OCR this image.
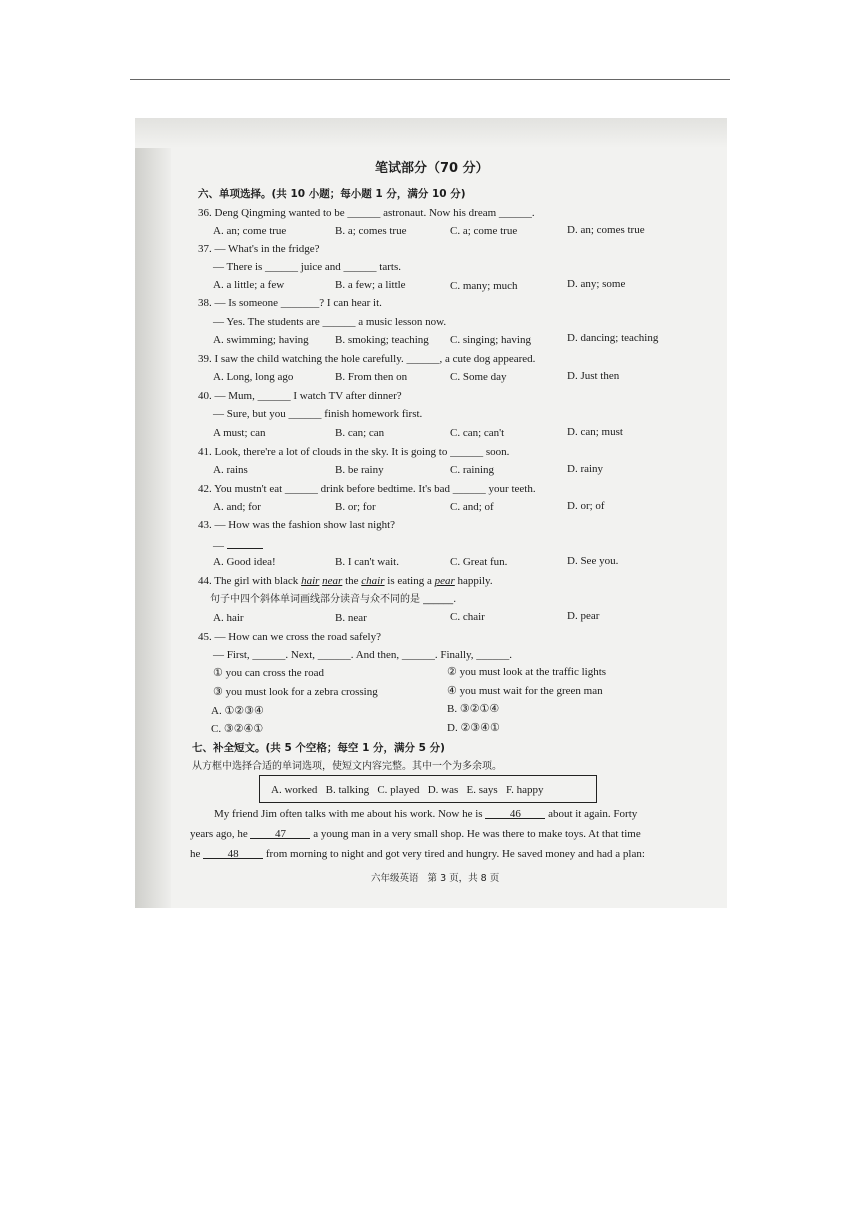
笔试部分（70 分）
六、单项选择。(共 10 小题；每小题 1 分，满分 10 分)
36. Deng Qingming wanted to be ______ astronaut. Now his dream ______.
A. an; come true	B. a; comes true	C. a; come true	D. an; comes true
37. — What's in the fridge?
— There is ______ juice and ______ tarts.
A. a little; a few	B. a few; a little	C. many; much	D. any; some
38. — Is someone _______? I can hear it.
— Yes. The students are ______ a music lesson now.
A. swimming; having B. smoking; teaching C. singing; having	D. dancing; teaching
39. I saw the child watching the hole carefully. ______, a cute dog appeared.
A. Long, long ago	B. From then on	C. Some day	D. Just then
40. — Mum, ______ I watch TV after dinner?
— Sure, but you ______ finish homework first.
A must; can	B. can; can	C. can; can't	D. can; must
41. Look, there're a lot of clouds in the sky. It is going to ______ soon.
A. rains	B. be rainy	C. raining	D. rainy
42. You mustn't eat ______ drink before bedtime. It's bad ______ your teeth.
A. and; for	B. or; for	C. and; of	D. or; of
43. — How was the fashion show last night?
—
A. Good idea!	B. I can't wait.	C. Great fun.	D. See you.
44. The girl with black hair near the chair is eating a pear happily.
句子中四个斜体单词画线部分读音与众不同的是 ______.
A. hair	B. near	C. chair	D. pear
45. — How can we cross the road safely?
— First, ______. Next, ______. And then, ______. Finally, ______.
① you can cross the road	② you must look at the traffic lights
③ you must look for a zebra crossing	④ you must wait for the green man
A. ①②③④	B. ③②①④
C. ③②④①	D. ②③④①
七、补全短文。(共 5 个空格；每空 1 分，满分 5 分)
从方框中选择合适的单词选项，使短文内容完整。其中一个为多余项。
A. worked   B. talking   C. played   D. was   E. says   F. happy
My friend Jim often talks with me about his work. Now he is 46 about it again. Forty
years ago, he 47 a young man in a very small shop. He was there to make toys. At that time
he 48 from morning to night and got very tired and hungry. He saved money and had a plan:
六年级英语   第 3 页，共 8 页
